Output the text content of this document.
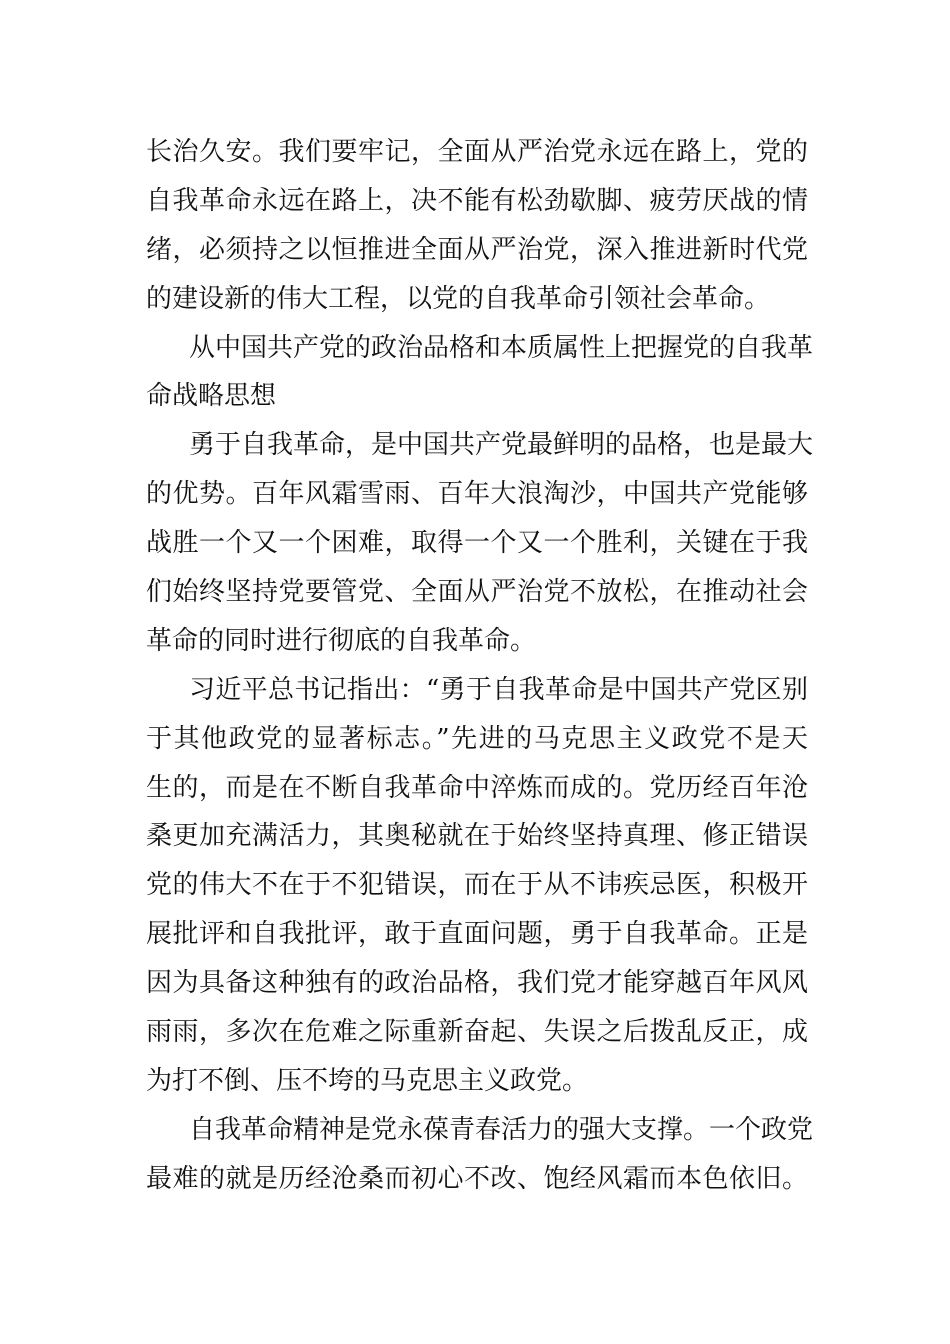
长治久安。我们要牢记，全面从严治党永远在路上，党的
自我革命永远在路上，决不能有松劲歇脚、疲劳厌战的情
绪，必须持之以恒推进全面从严治党，深入推进新时代党
的建设新的伟大工程，以党的自我革命引领社会革命。
从中国共产党的政治品格和本质属性上把握党的自我革
命战略思想
勇于自我革命，是中国共产党最鲜明的品格，也是最大
的优势。百年风霜雪雨、百年大浪淘沙，中国共产党能够
战胜一个又一个困难，取得一个又一个胜利，关键在于我
们始终坚持党要管党、全面从严治党不放松，在推动社会
革命的同时进行彻底的自我革命。
习近平总书记指出：“勇于自我革命是中国共产党区别
于其他政党的显著标志。”先进的马克思主义政党不是天
生的，而是在不断自我革命中淬炼而成的。党历经百年沧
桑更加充满活力，其奥秘就在于始终坚持真理、修正错误
党的伟大不在于不犯错误，而在于从不讳疾忌医，积极开
展批评和自我批评，敢于直面问题，勇于自我革命。正是
因为具备这种独有的政治品格，我们党才能穿越百年风风
雨雨，多次在危难之际重新奋起、失误之后拨乱反正，成
为打不倒、压不垮的马克思主义政党。
自我革命精神是党永葆青春活力的强大支撑。一个政党
最难的就是历经沧桑而初心不改、饱经风霜而本色依旧。
